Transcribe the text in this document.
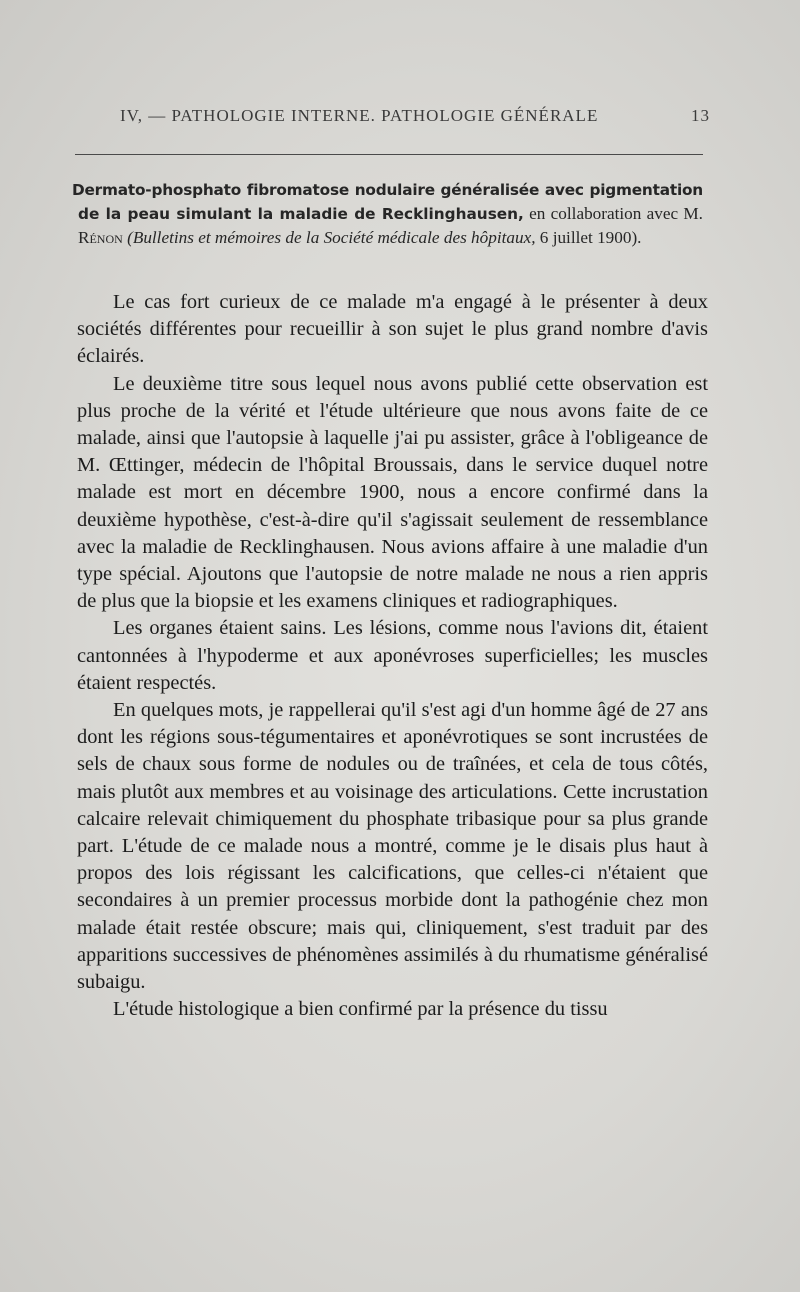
IV, — PATHOLOGIE INTERNE. PATHOLOGIE GÉNÉRALE	13

Dermato-phosphato fibromatose nodulaire généralisée avec pigmentation de la peau simulant la maladie de Recklinghausen, en collaboration avec M. Rénon (Bulletins et mémoires de la Société médicale des hôpitaux, 6 juillet 1900).

Le cas fort curieux de ce malade m'a engagé à le présenter à deux sociétés différentes pour recueillir à son sujet le plus grand nombre d'avis éclairés.

Le deuxième titre sous lequel nous avons publié cette observation est plus proche de la vérité et l'étude ultérieure que nous avons faite de ce malade, ainsi que l'autopsie à laquelle j'ai pu assister, grâce à l'obligeance de M. Œttinger, médecin de l'hôpital Broussais, dans le service duquel notre malade est mort en décembre 1900, nous a encore confirmé dans la deuxième hypothèse, c'est-à-dire qu'il s'agissait seulement de ressemblance avec la maladie de Recklinghausen. Nous avions affaire à une maladie d'un type spécial. Ajoutons que l'autopsie de notre malade ne nous a rien appris de plus que la biopsie et les examens cliniques et radiographiques.

Les organes étaient sains. Les lésions, comme nous l'avions dit, étaient cantonnées à l'hypoderme et aux aponévroses superficielles; les muscles étaient respectés.

En quelques mots, je rappellerai qu'il s'est agi d'un homme âgé de 27 ans dont les régions sous-tégumentaires et aponévrotiques se sont incrustées de sels de chaux sous forme de nodules ou de traînées, et cela de tous côtés, mais plutôt aux membres et au voisinage des articulations. Cette incrustation calcaire relevait chimiquement du phosphate tribasique pour sa plus grande part. L'étude de ce malade nous a montré, comme je le disais plus haut à propos des lois régissant les calcifications, que celles-ci n'étaient que secondaires à un premier processus morbide dont la pathogénie chez mon malade était restée obscure; mais qui, cliniquement, s'est traduit par des apparitions successives de phénomènes assimilés à du rhumatisme généralisé subaigu.

L'étude histologique a bien confirmé par la présence du tissu
